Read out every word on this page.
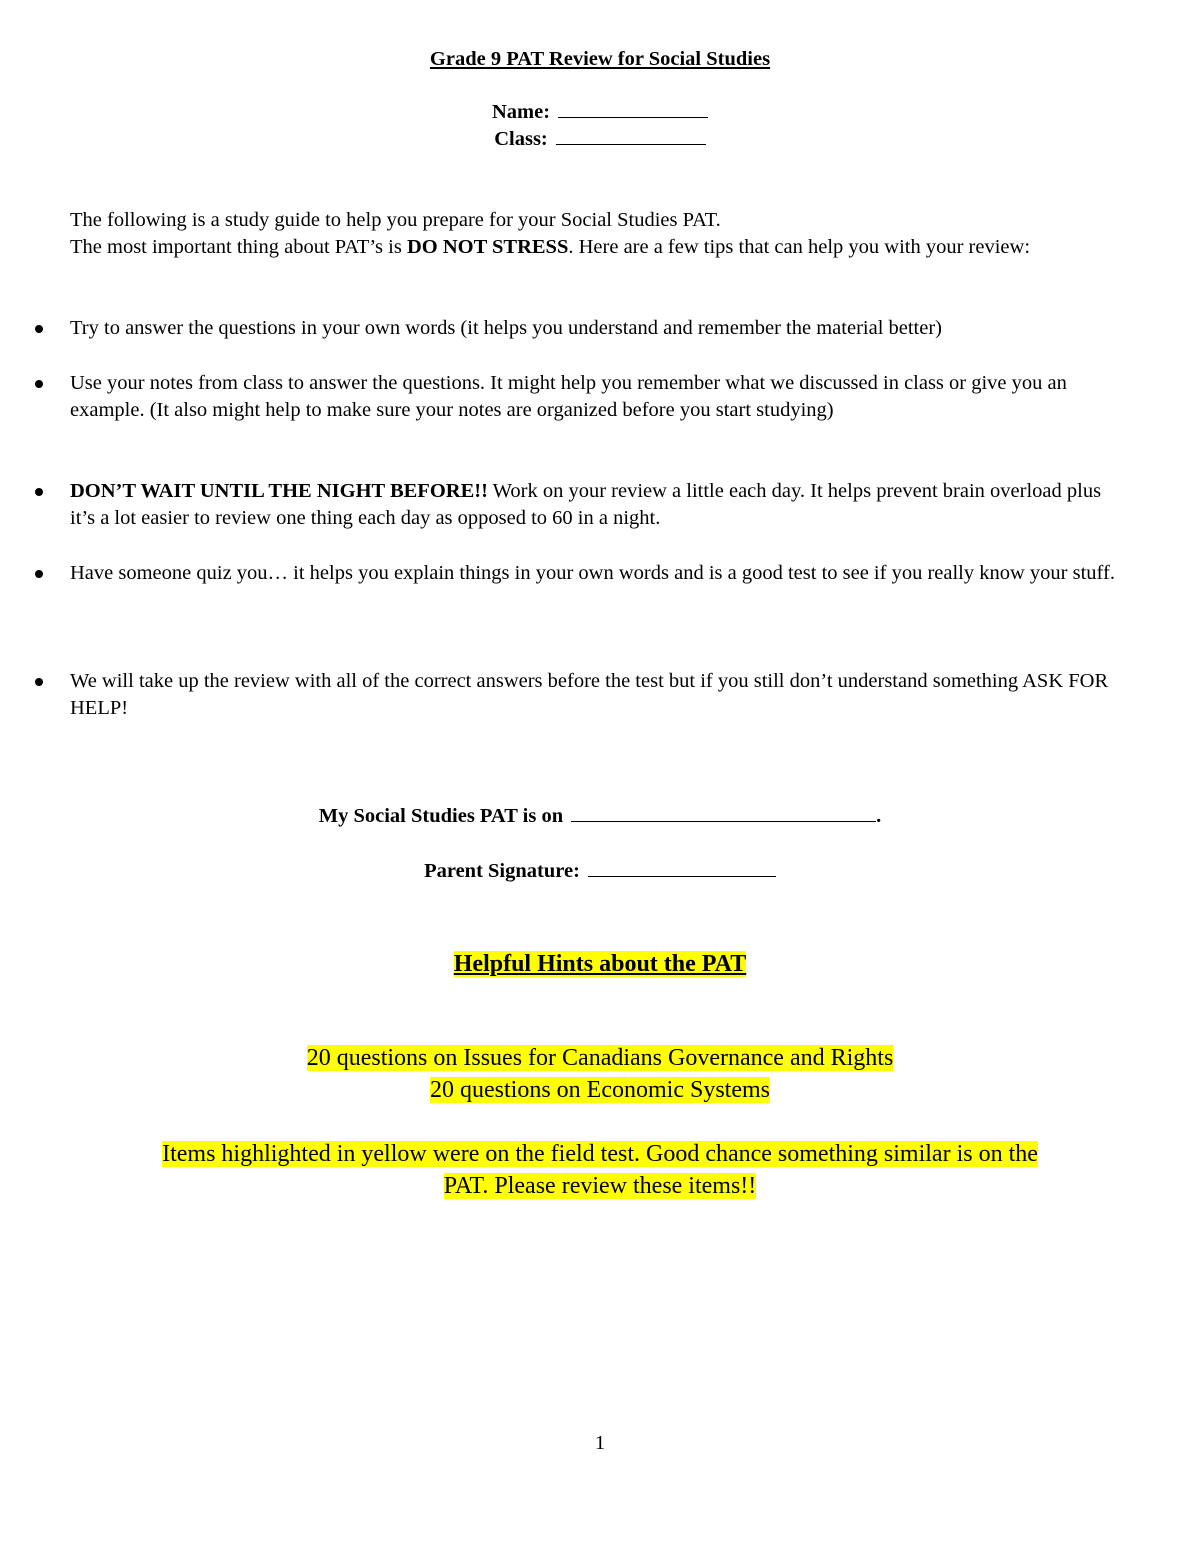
Grade 9 PAT Review for Social Studies
Name:
Class:
The following is a study guide to help you prepare for your Social Studies PAT.
The most important thing about PAT’s is DO NOT STRESS. Here are a few tips that can help you with your review:
Try to answer the questions in your own words (it helps you understand and remember the material better)
Use your notes from class to answer the questions. It might help you remember what we discussed in class or give you an example. (It also might help to make sure your notes are organized before you start studying)
DON’T WAIT UNTIL THE NIGHT BEFORE!! Work on your review a little each day. It helps prevent brain overload plus it’s a lot easier to review one thing each day as opposed to 60 in a night.
Have someone quiz you… it helps you explain things in your own words and is a good test to see if you really know your stuff.
We will take up the review with all of the correct answers before the test but if you still don’t understand something ASK FOR HELP!
My Social Studies PAT is on	.
Parent Signature:
Helpful Hints about the PAT
20 questions on Issues for Canadians Governance and Rights
20 questions on Economic Systems
Items highlighted in yellow were on the field test. Good chance something similar is on the
PAT. Please review these items!!
1
